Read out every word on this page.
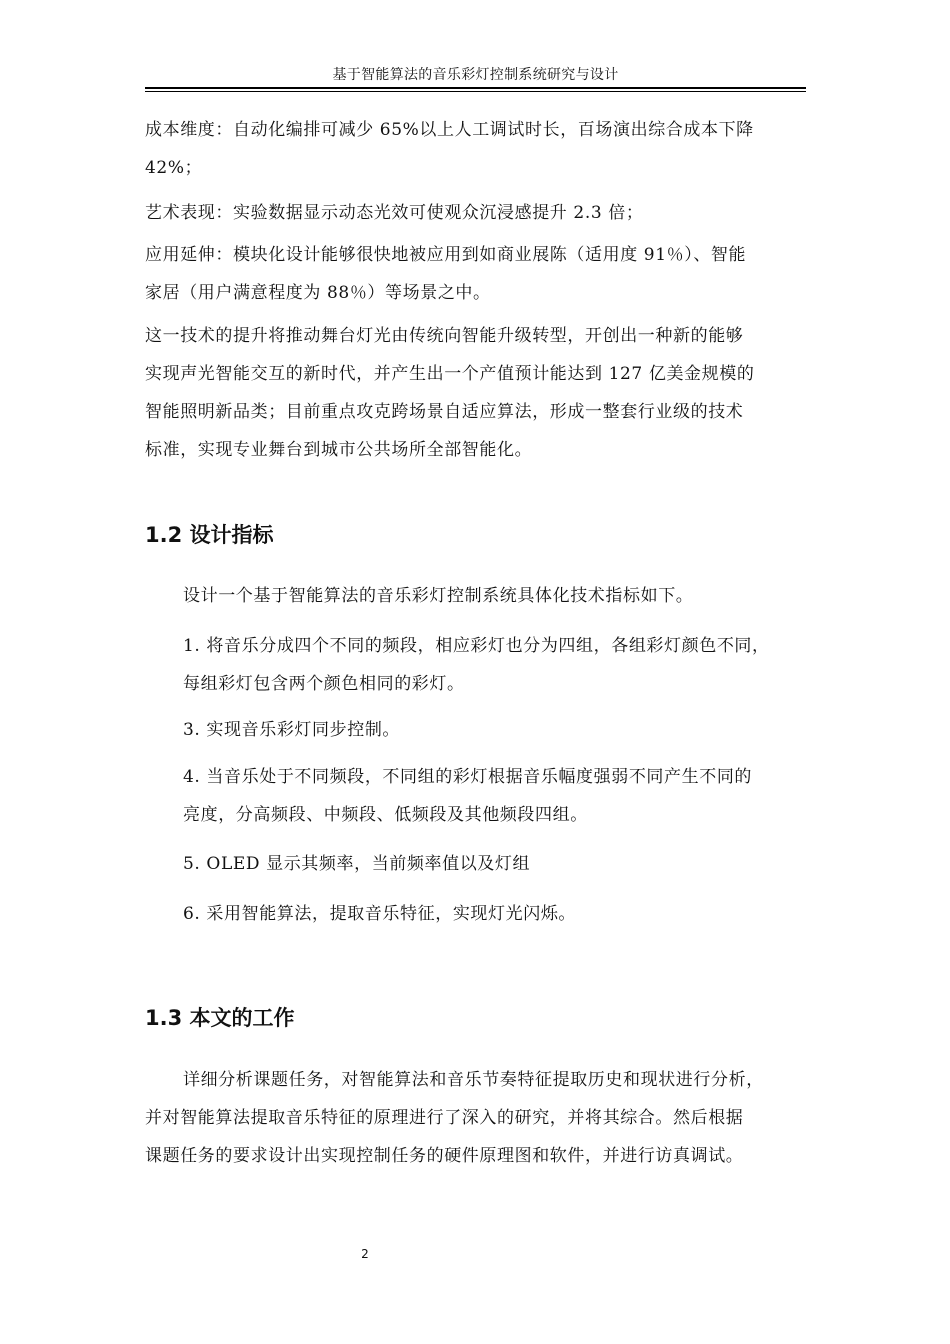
基于智能算法的音乐彩灯控制系统研究与设计
成本维度：自动化编排可减少 65%以上人工调试时长，百场演出综合成本下降
42%；
艺术表现：实验数据显示动态光效可使观众沉浸感提升 2.3 倍；
应用延伸：模块化设计能够很快地被应用到如商业展陈（适用度 91％）、智能
家居（用户满意程度为 88％）等场景之中。
这一技术的提升将推动舞台灯光由传统向智能升级转型，开创出一种新的能够
实现声光智能交互的新时代，并产生出一个产值预计能达到 127 亿美金规模的
智能照明新品类；目前重点攻克跨场景自适应算法，形成一整套行业级的技术
标准，实现专业舞台到城市公共场所全部智能化。
1.2 设计指标
设计一个基于智能算法的音乐彩灯控制系统具体化技术指标如下。
1. 将音乐分成四个不同的频段，相应彩灯也分为四组，各组彩灯颜色不同，
每组彩灯包含两个颜色相同的彩灯。
3. 实现音乐彩灯同步控制。
4. 当音乐处于不同频段，不同组的彩灯根据音乐幅度强弱不同产生不同的
亮度，分高频段、中频段、低频段及其他频段四组。
5. OLED 显示其频率，当前频率值以及灯组
6. 采用智能算法，提取音乐特征，实现灯光闪烁。
1.3 本文的工作
详细分析课题任务，对智能算法和音乐节奏特征提取历史和现状进行分析，
并对智能算法提取音乐特征的原理进行了深入的研究，并将其综合。然后根据
课题任务的要求设计出实现控制任务的硬件原理图和软件，并进行访真调试。
2
